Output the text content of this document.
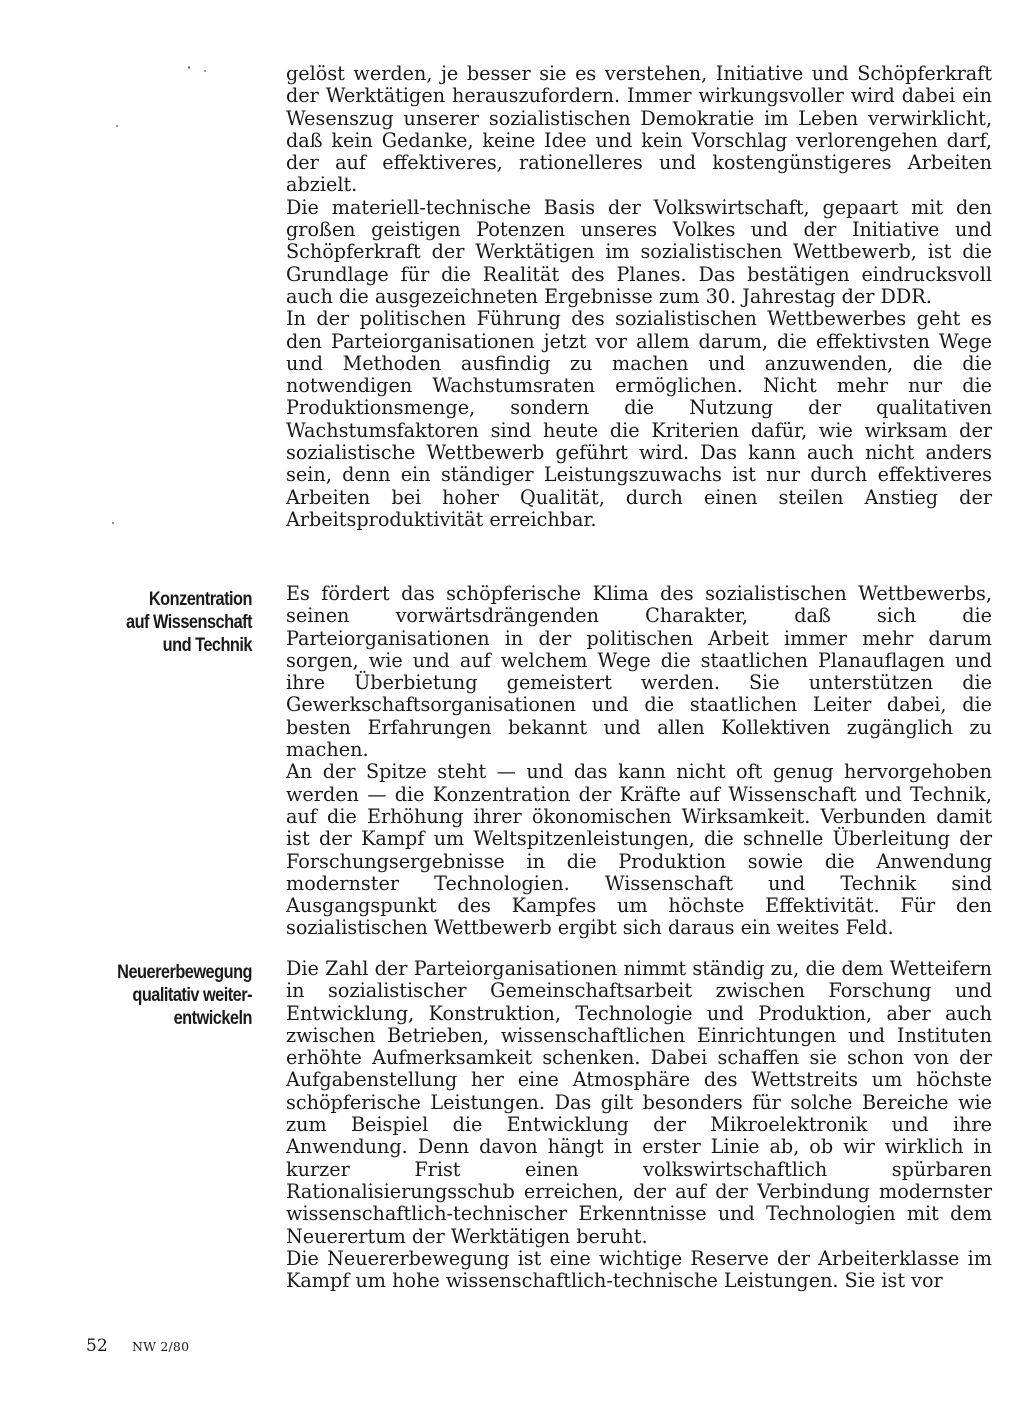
gelöst werden, je besser sie es verstehen, Initiative und Schöpferkraft der Werktätigen herauszufordern. Immer wirkungsvoller wird dabei ein Wesenszug unserer sozialistischen Demokratie im Leben verwirklicht, daß kein Gedanke, keine Idee und kein Vorschlag verlorengehen darf, der auf effektiveres, rationelleres und kostengünstigeres Arbeiten abzielt.

Die materiell-technische Basis der Volkswirtschaft, gepaart mit den großen geistigen Potenzen unseres Volkes und der Initiative und Schöpferkraft der Werktätigen im sozialistischen Wettbewerb, ist die Grundlage für die Realität des Planes. Das bestätigen eindrucksvoll auch die ausgezeichneten Ergebnisse zum 30. Jahrestag der DDR.

In der politischen Führung des sozialistischen Wettbewerbes geht es den Parteiorganisationen jetzt vor allem darum, die effektivsten Wege und Methoden ausfindig zu machen und anzuwenden, die die notwendigen Wachstumsraten ermöglichen. Nicht mehr nur die Produktionsmenge, sondern die Nutzung der qualitativen Wachstumsfaktoren sind heute die Kriterien dafür, wie wirksam der sozialistische Wettbewerb geführt wird. Das kann auch nicht anders sein, denn ein ständiger Leistungszuwachs ist nur durch effektiveres Arbeiten bei hoher Qualität, durch einen steilen Anstieg der Arbeitsproduktivität erreichbar.

Konzentration
auf Wissenschaft
und Technik

Es fördert das schöpferische Klima des sozialistischen Wettbewerbs, seinen vorwärtsdrängenden Charakter, daß sich die Parteiorganisationen in der politischen Arbeit immer mehr darum sorgen, wie und auf welchem Wege die staatlichen Planauflagen und ihre Überbietung gemeistert werden. Sie unterstützen die Gewerkschaftsorganisationen und die staatlichen Leiter dabei, die besten Erfahrungen bekannt und allen Kollektiven zugänglich zu machen.

An der Spitze steht — und das kann nicht oft genug hervorgehoben werden — die Konzentration der Kräfte auf Wissenschaft und Technik, auf die Erhöhung ihrer ökonomischen Wirksamkeit. Verbunden damit ist der Kampf um Weltspitzenleistungen, die schnelle Überleitung der Forschungsergebnisse in die Produktion sowie die Anwendung modernster Technologien. Wissenschaft und Technik sind Ausgangspunkt des Kampfes um höchste Effektivität. Für den sozialistischen Wettbewerb ergibt sich daraus ein weites Feld.

Neuererbewegung
qualitativ weiter-
entwickeln

Die Zahl der Parteiorganisationen nimmt ständig zu, die dem Wetteifern in sozialistischer Gemeinschaftsarbeit zwischen Forschung und Entwicklung, Konstruktion, Technologie und Produktion, aber auch zwischen Betrieben, wissenschaftlichen Einrichtungen und Instituten erhöhte Aufmerksamkeit schenken. Dabei schaffen sie schon von der Aufgabenstellung her eine Atmosphäre des Wettstreits um höchste schöpferische Leistungen. Das gilt besonders für solche Bereiche wie zum Beispiel die Entwicklung der Mikroelektronik und ihre Anwendung. Denn davon hängt in erster Linie ab, ob wir wirklich in kurzer Frist einen volkswirtschaftlich spürbaren Rationalisierungsschub erreichen, der auf der Verbindung modernster wissenschaftlich-technischer Erkenntnisse und Technologien mit dem Neuerertum der Werktätigen beruht.

Die Neuererbewegung ist eine wichtige Reserve der Arbeiterklasse im Kampf um hohe wissenschaftlich-technische Leistungen. Sie ist vor

52 NW 2/80
